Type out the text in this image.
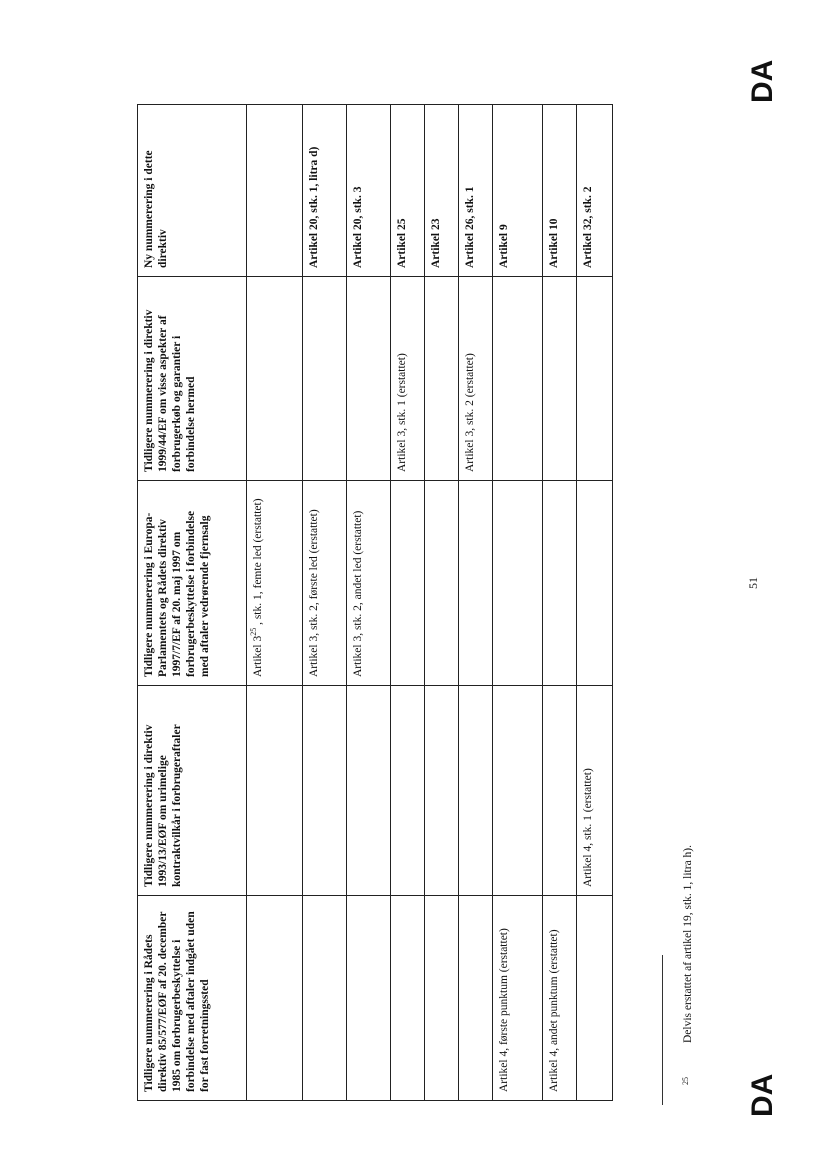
Tidligere nummerering i Rådets direktiv 85/577/EØF af 20. december 1985 om forbrugerbeskyttelse i forbindelse med aftaler indgået uden for fast forretningssted	Tidligere nummerering i direktiv 1993/13/EØF om urimelige kontraktvilkår i forbrugeraftaler	Tidligere nummerering i Europa-Parlamentets og Rådets direktiv 1997/7/EF af 20. maj 1997 om forbrugerbeskyttelse i forbindelse med aftaler vedrørende fjernsalg	Tidligere nummerering i direktiv 1999/44/EF om visse aspekter af forbrugerkøb og garantier i forbindelse hermed	Ny nummerering i dette direktiv
		Artikel $3^{25}$ , stk. 1, femte led (erstattet)		
		Artikel 3, stk. 2, første led (erstattet)		Artikel 20, stk. 1, litra d)
		Artikel 3, stk. 2, andet led (erstattet)		Artikel 20, stk. 3
			Artikel 3, stk. 1 (erstattet)	Artikel 25
				Artikel 23
			Artikel 3, stk. 2 (erstattet)	Artikel 26, stk. 1
Artikel 4, første punktum (erstattet)				Artikel 9
Artikel 4, andet punktum (erstattet)				Artikel 10
	Artikel 4, stk. 1 (erstattet)			Artikel 32, stk. 2
25
Delvis erstattet af artikel 19, stk. 1, litra h).
DA
51
DA
